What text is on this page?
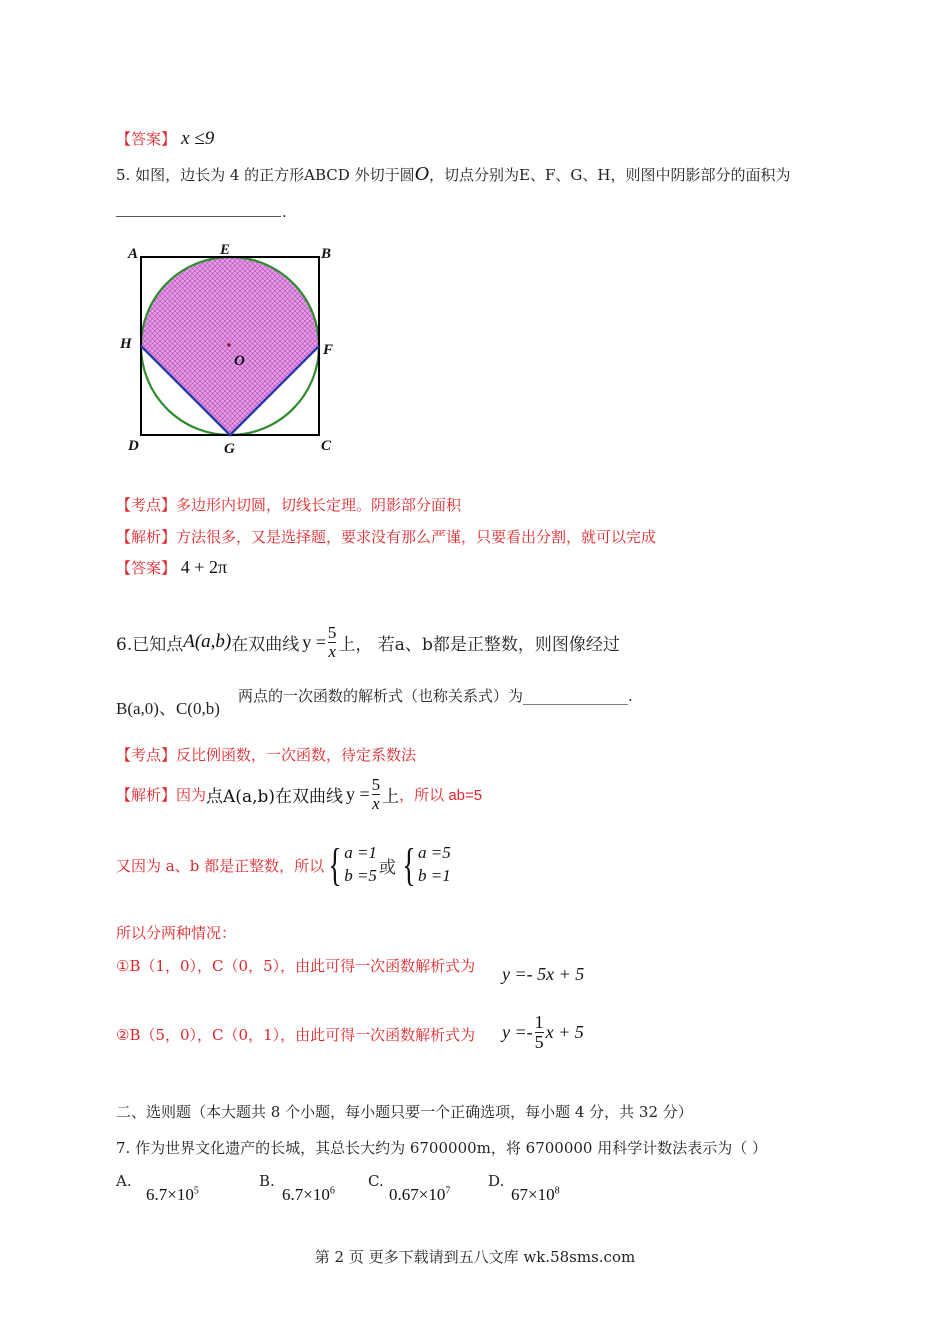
【答案】 x ≤9
5. 如图，边长为 4 的正方形ABCD 外切于圆O，切点分别为E、F、G、H，则图中阴影部分的面积为
.
A	E	B
H
O
F
D	G	C
【考点】多边形内切圆，切线长定理。阴影部分面积
【解析】方法很多，又是选择题，要求没有那么严谨，只要看出分割，就可以完成
【答案】 4 + 2π
6.已知点 A(a,b) 在双曲线 $y = \frac{5}{x}$ 上， 若a、b都是正整数，则图像经过
B(a,0)、C(0,b)
两点的一次函数的解析式（也称关系式）为______________.
【考点】反比例函数，一次函数，待定系数法
【解析】 因为 点A(a,b)在双曲线 $y = \frac{5}{x}$ 上 ，所以 ab=5
又因为 a、b 都是正整数，所以 { a =1
b =5 或 { a =5
b =1
所以分两种情况：
①B（1，0），C（0，5），由此可得一次函数解析式为 y =- 5x + 5
②B（5，0），C（0，1），由此可得一次函数解析式为 $y =- \frac{1}{5}$ x + 5
二、选则题（本大题共 8 个小题，每小题只要一个正确选项，每小题 4 分，共 32 分）
7. 作为世界文化遗产的长城，其总长大约为 6700000m，将 6700000 用科学计数法表示为（ ）
A.
$6.7\times 10^5$
B.
$6.7\times 10^6$
C.
$0.67\times 10^7$
D.
$67\times 10^8$
第 2 页 更多下载请到五八文库 wk.58sms.com
